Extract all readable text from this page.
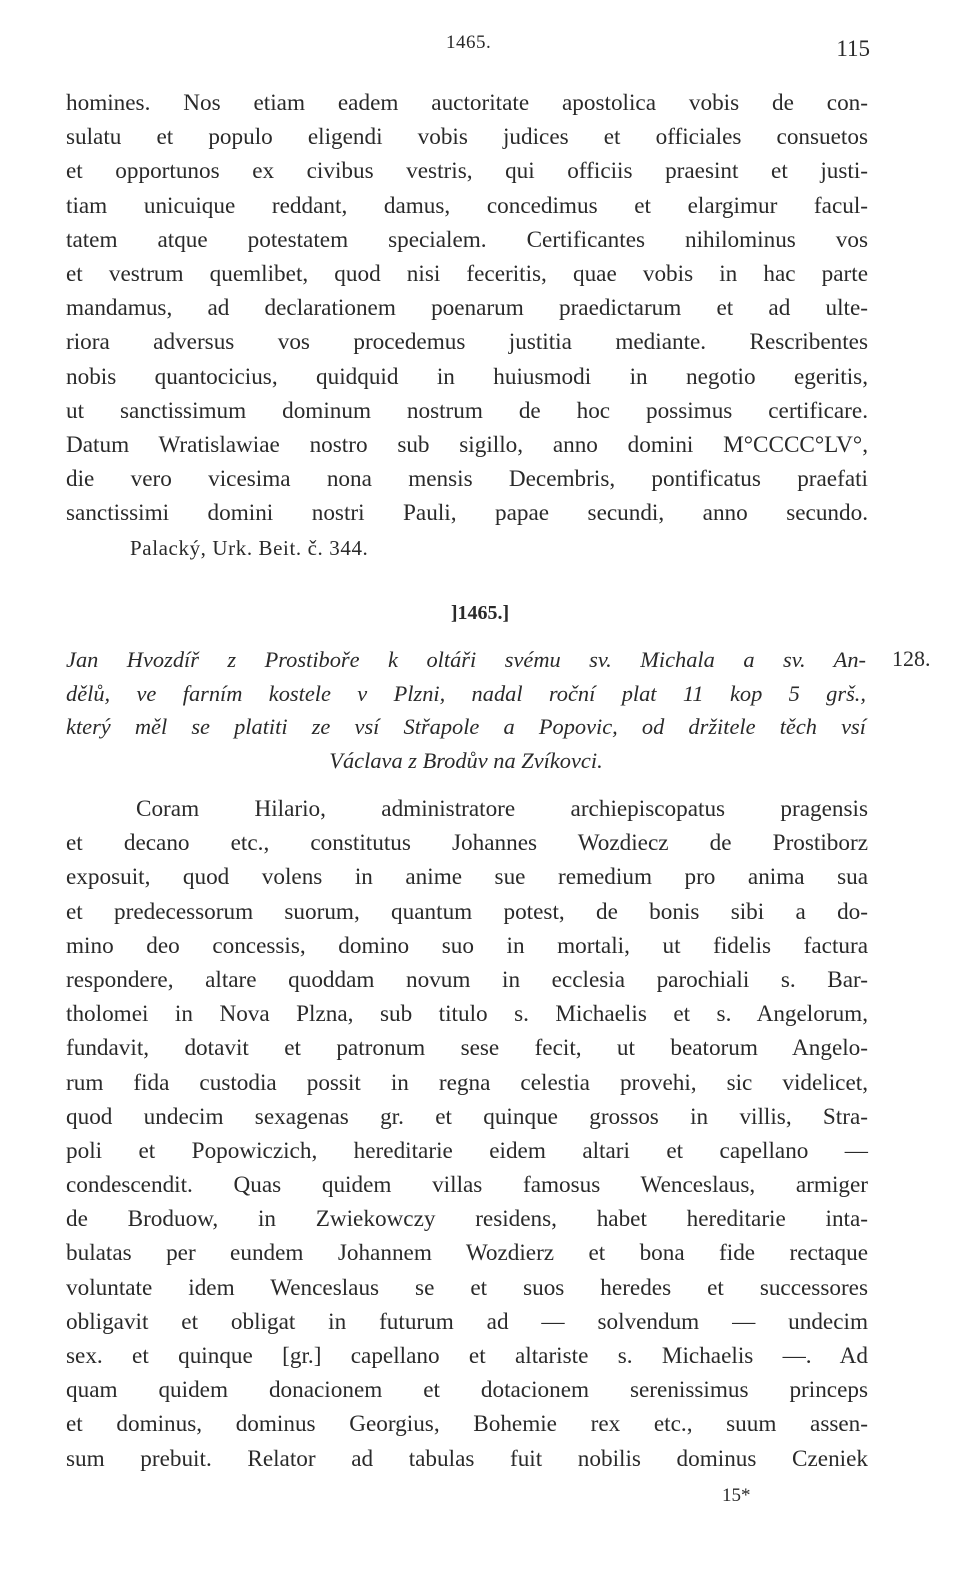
1465.	115
homines. Nos etiam eadem auctoritate apostolica vobis de con-
sulatu et populo eligendi vobis judices et officiales consuetos
et opportunos ex civibus vestris, qui officiis praesint et justi-
tiam unicuique reddant, damus, concedimus et elargimur facul-
tatem atque potestatem specialem. Certificantes nihilominus vos
et vestrum quemlibet, quod nisi feceritis, quae vobis in hac parte
mandamus, ad declarationem poenarum praedictarum et ad ulte-
riora adversus vos procedemus justitia mediante. Rescribentes
nobis quantocicius, quidquid in huiusmodi in negotio egeritis,
ut sanctissimum dominum nostrum de hoc possimus certificare.
Datum Wratislawiae nostro sub sigillo, anno domini M°CCCC°LV°,
die vero vicesima nona mensis Decembris, pontificatus praefati
sanctissimi domini nostri Pauli, papae secundi, anno secundo.
Palacký, Urk. Beit. č. 344.
]1465.]
128.
Jan Hvozdíř z Prostiboře k oltáři svému sv. Michala a sv. An-
dělů, ve farním kostele v Plzni, nadal roční plat 11 kop 5 grš.,
který měl se platiti ze vsí Střapole a Popovic, od držitele těch vsí
Václava z Brodův na Zvíkovci.
Coram Hilario, administratore archiepiscopatus pragensis
et decano etc., constitutus Johannes Wozdiecz de Prostiborz
exposuit, quod volens in anime sue remedium pro anima sua
et predecessorum suorum, quantum potest, de bonis sibi a do-
mino deo concessis, domino suo in mortali, ut fidelis factura
respondere, altare quoddam novum in ecclesia parochiali s. Bar-
tholomei in Nova Plzna, sub titulo s. Michaelis et s. Angelorum,
fundavit, dotavit et patronum sese fecit, ut beatorum Angelo-
rum fida custodia possit in regna celestia provehi, sic videlicet,
quod undecim sexagenas gr. et quinque grossos in villis, Strа-
poli et Popowiczich, hereditarie eidem altari et capellano —
condescendit. Quas quidem villas famosus Wenceslaus, armiger
de Broduow, in Zwiekowczy residens, habet hereditarie inta-
bulatas per eundem Johannem Wozdierz et bona fide rectaque
voluntate idem Wenceslaus se et suos heredes et successores
obligavit et obligat in futurum ad — solvendum — undecim
sex. et quinque [gr.] capellano et altariste s. Michaelis —. Ad
quam quidem donacionem et dotacionem serenissimus princeps
et dominus, dominus Georgius, Bohemie rex etc., suum assen-
sum prebuit. Relator ad tabulas fuit nobilis dominus Czeniek
15*
